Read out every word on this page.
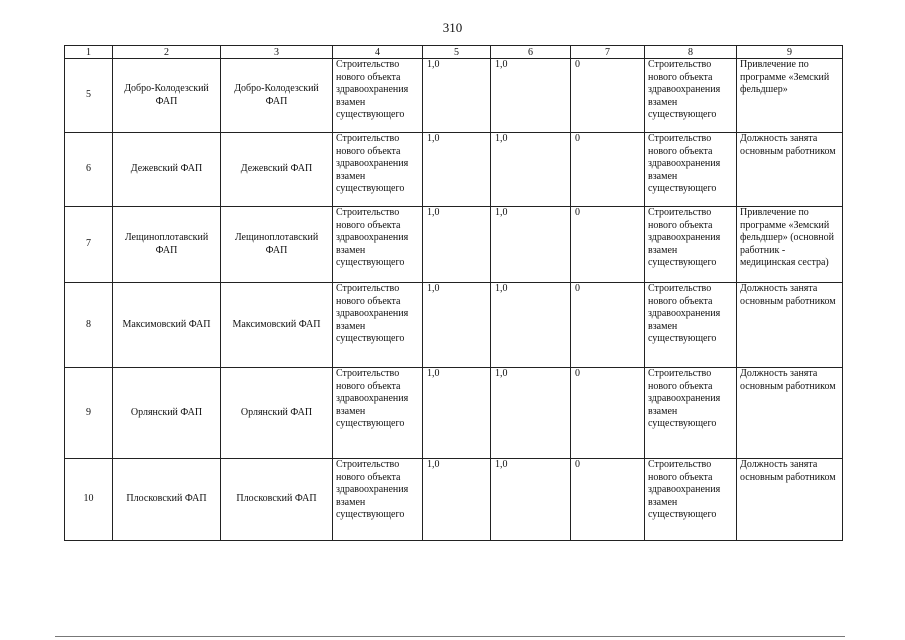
310
1	2	3	4	5	6	7	8	9
5	Добро-Колодезский ФАП	Добро-Колодезский ФАП	Строительство нового объекта здравоохранения взамен существующего	1,0	1,0	0	Строительство нового объекта здравоохранения взамен существующего	Привлечение по программе «Земский фельдшер»
6	Дежевский ФАП	Дежевский ФАП	Строительство нового объекта здравоохранения взамен существующего	1,0	1,0	0	Строительство нового объекта здравоохранения взамен существующего	Должность занята основным работником
7	Лещиноплотавский ФАП	Лещиноплотавский ФАП	Строительство нового объекта здравоохранения взамен существующего	1,0	1,0	0	Строительство нового объекта здравоохранения взамен существующего	Привлечение по программе «Земский фельдшер» (основной работник - медицинская сестра)
8	Максимовский ФАП	Максимовский ФАП	Строительство нового объекта здравоохранения взамен существующего	1,0	1,0	0	Строительство нового объекта здравоохранения взамен существующего	Должность занята основным работником
9	Орлянский ФАП	Орлянский ФАП	Строительство нового объекта здравоохранения взамен существующего	1,0	1,0	0	Строительство нового объекта здравоохранения взамен существующего	Должность занята основным работником
10	Плосковский ФАП	Плосковский ФАП	Строительство нового объекта здравоохранения взамен существующего	1,0	1,0	0	Строительство нового объекта здравоохранения взамен существующего	Должность занята основным работником
